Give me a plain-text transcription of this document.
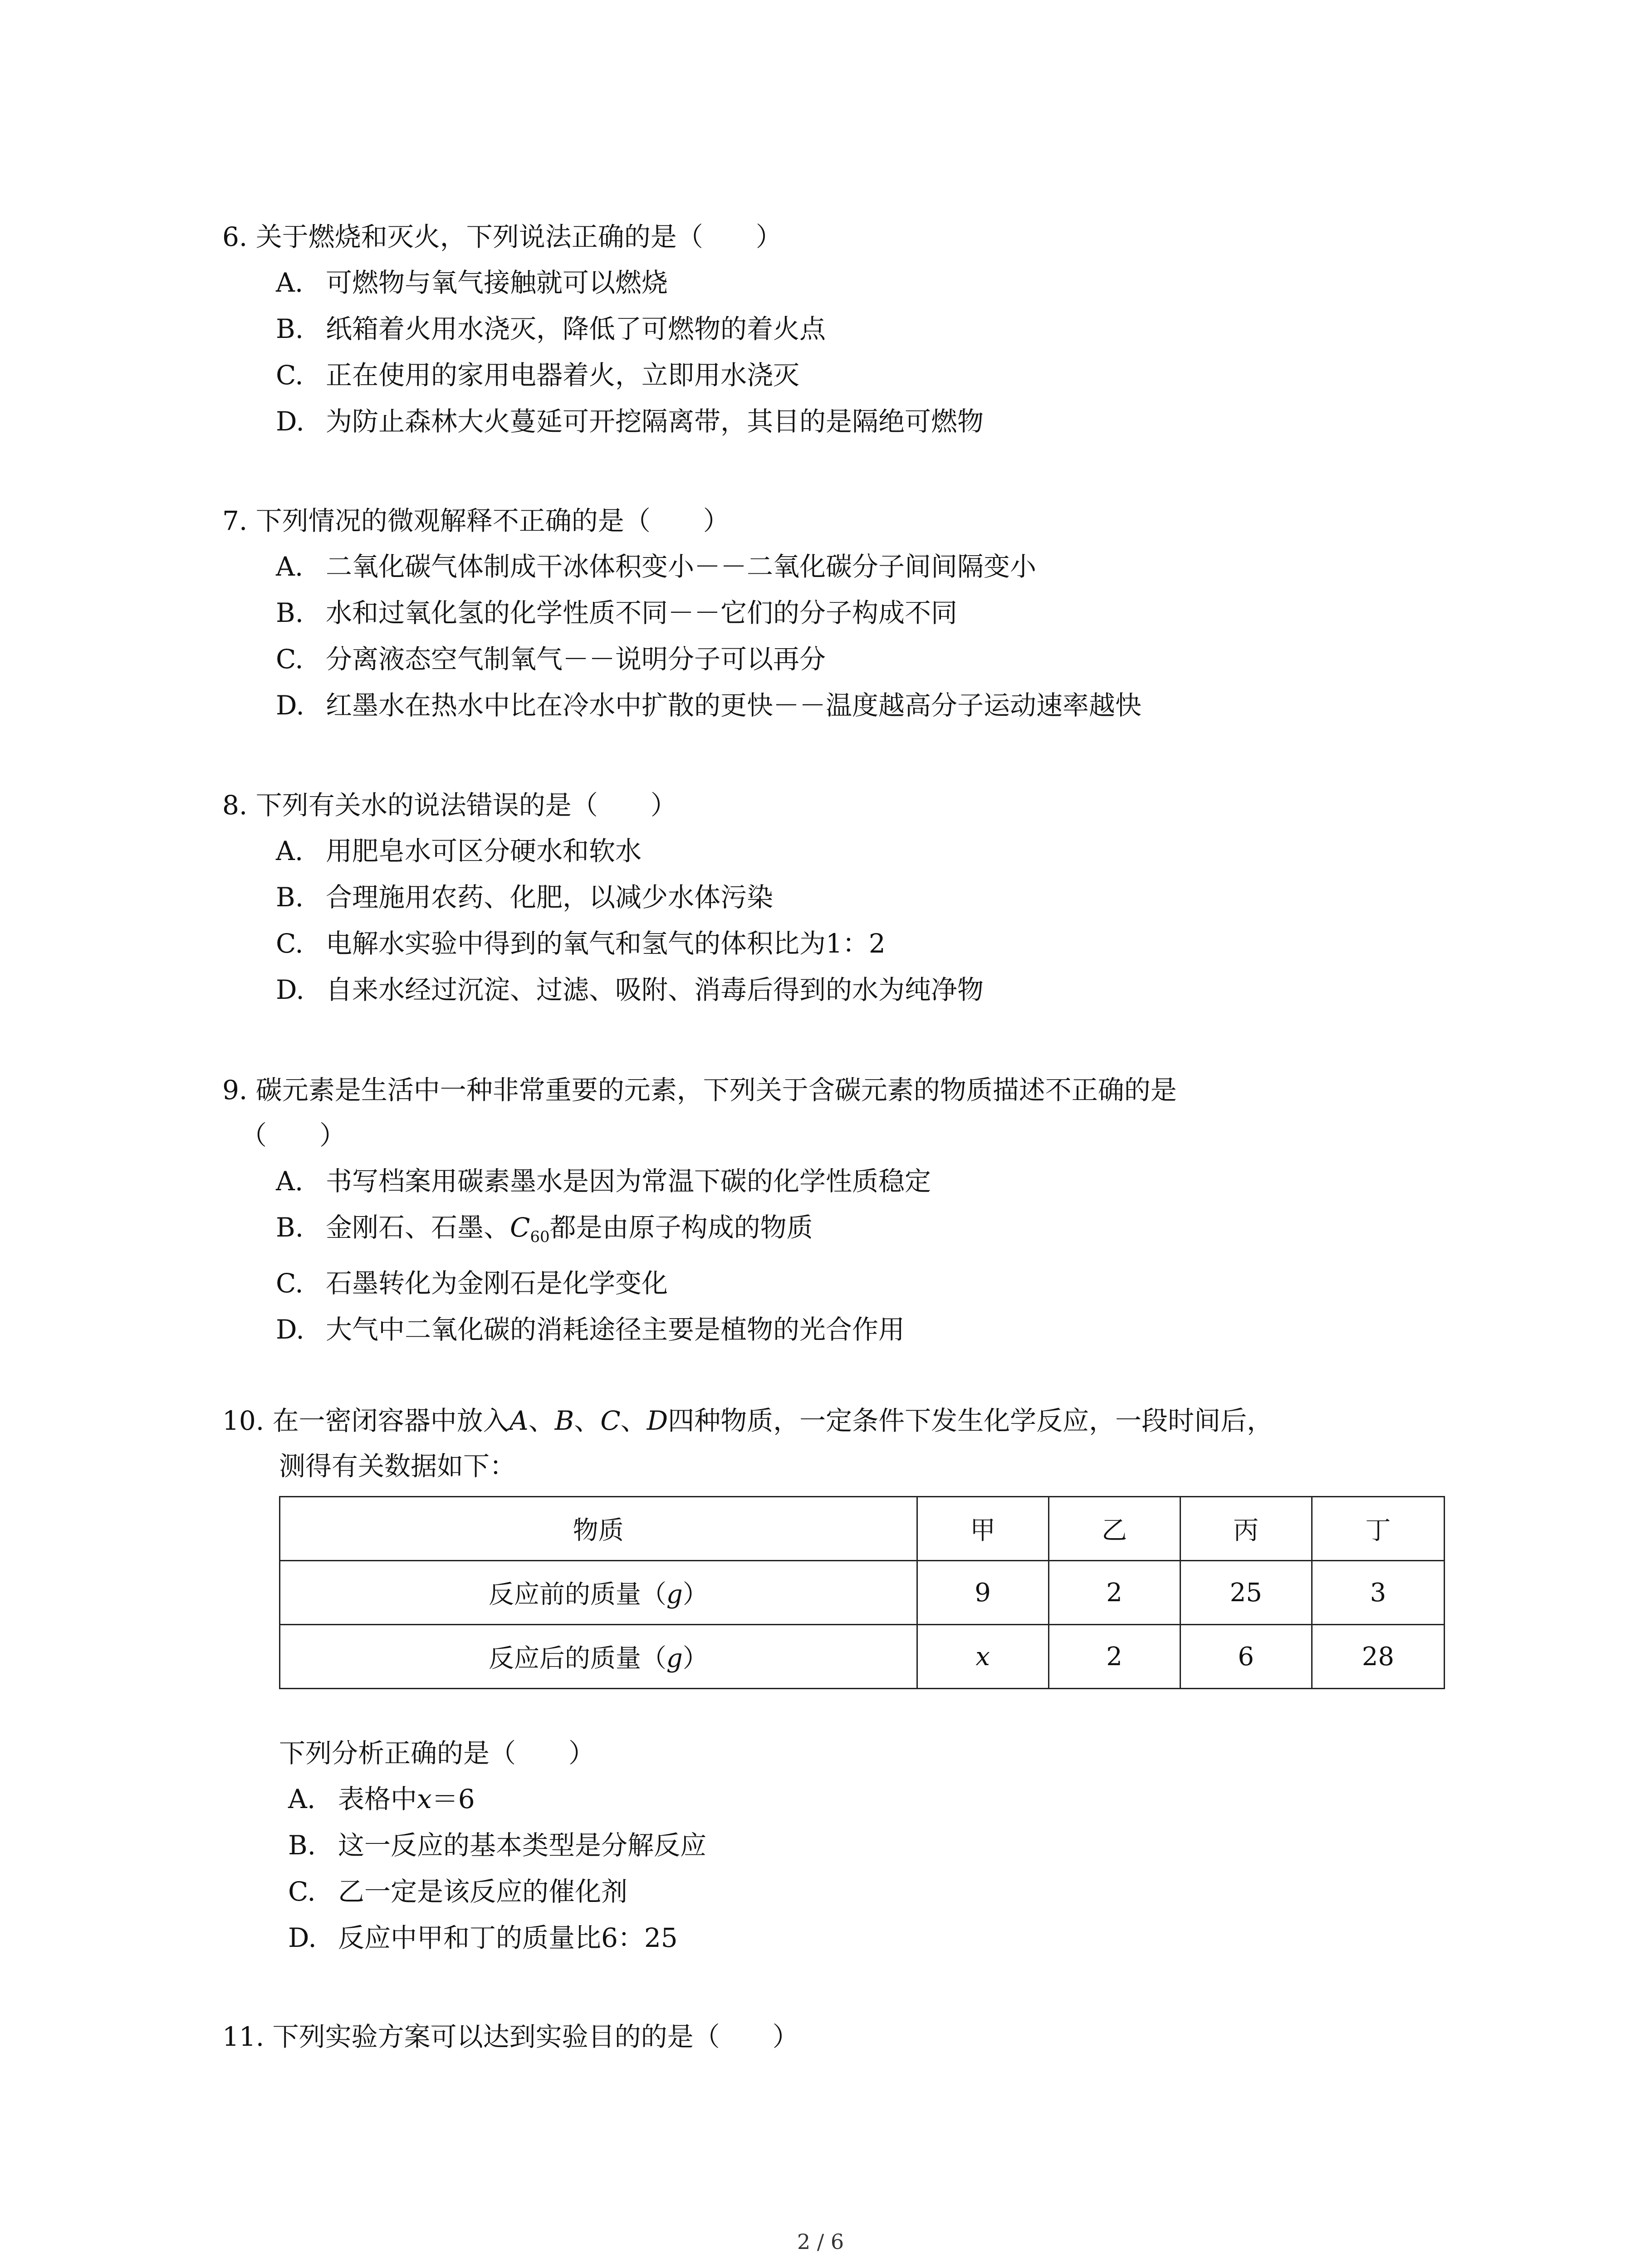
6. 关于燃烧和灭火，下列说法正确的是（　　）
A. 可燃物与氧气接触就可以燃烧
B. 纸箱着火用水浇灭，降低了可燃物的着火点
C. 正在使用的家用电器着火，立即用水浇灭
D. 为防止森林大火蔓延可开挖隔离带，其目的是隔绝可燃物
7. 下列情况的微观解释不正确的是（　　）
A. 二氧化碳气体制成干冰体积变小－－二氧化碳分子间间隔变小
B. 水和过氧化氢的化学性质不同－－它们的分子构成不同
C. 分离液态空气制氧气－－说明分子可以再分
D. 红墨水在热水中比在冷水中扩散的更快－－温度越高分子运动速率越快
8. 下列有关水的说法错误的是（　　）
A. 用肥皂水可区分硬水和软水
B. 合理施用农药、化肥，以减少水体污染
C. 电解水实验中得到的氧气和氢气的体积比为1：2
D. 自来水经过沉淀、过滤、吸附、消毒后得到的水为纯净物
9. 碳元素是生活中一种非常重要的元素，下列关于含碳元素的物质描述不正确的是
（　　）
A. 书写档案用碳素墨水是因为常温下碳的化学性质稳定
B. 金刚石、石墨、$C_{60}$都是由原子构成的物质
C. 石墨转化为金刚石是化学变化
D. 大气中二氧化碳的消耗途径主要是植物的光合作用
10. 在一密闭容器中放入A、B、C、D四种物质，一定条件下发生化学反应，一段时间后，
测得有关数据如下：
物质	甲	乙	丙	丁
反应前的质量（g）	9	2	25	3
反应后的质量（g）	x	2	6	28
下列分析正确的是（　　）
A. 表格中x＝6
B. 这一反应的基本类型是分解反应
C. 乙一定是该反应的催化剂
D. 反应中甲和丁的质量比6：25
11. 下列实验方案可以达到实验目的的是（　　）
2 / 6
